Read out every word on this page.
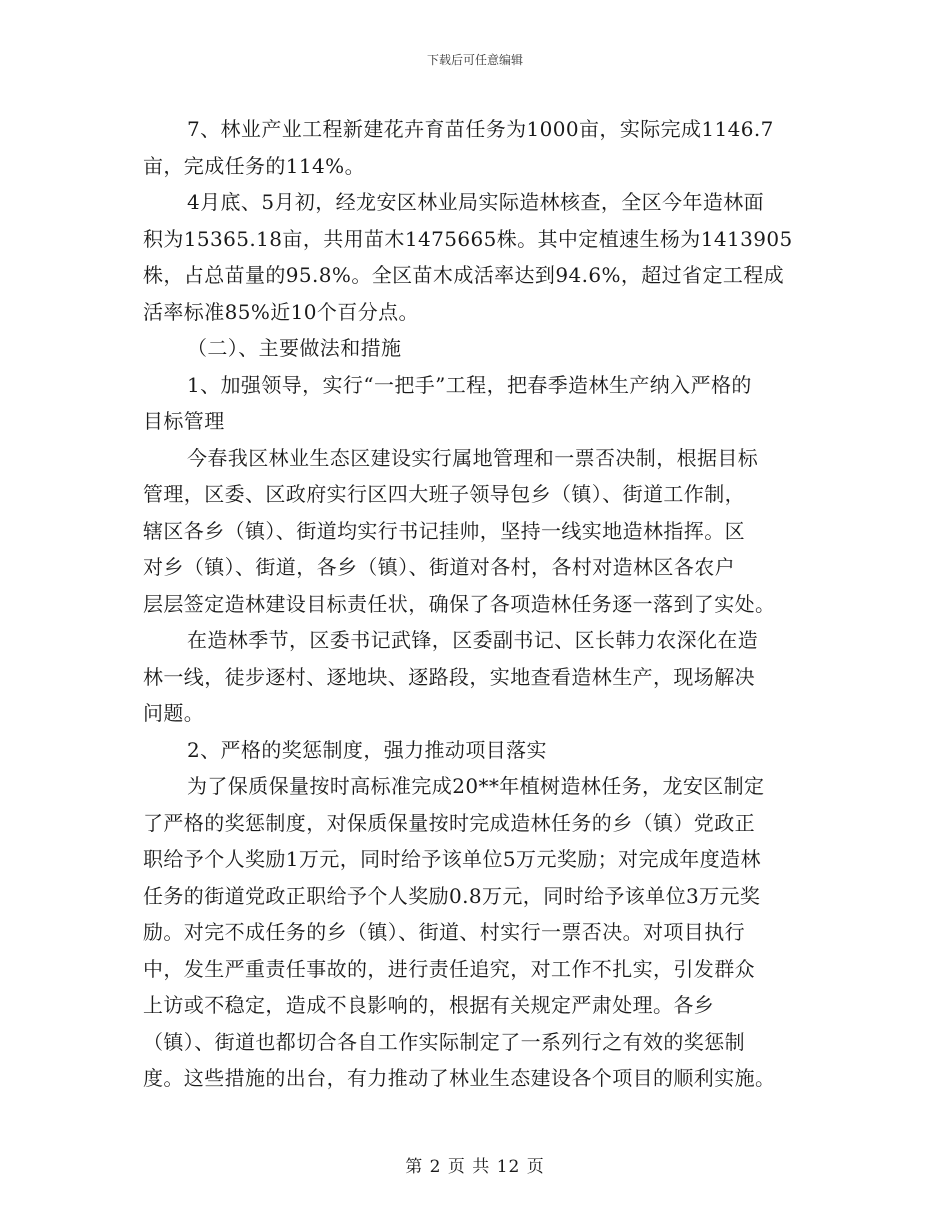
下载后可任意编辑

7、林业产业工程新建花卉育苗任务为1000亩，实际完成1146.7
亩，完成任务的114%。

4月底、5月初，经龙安区林业局实际造林核查，全区今年造林面
积为15365.18亩，共用苗木1475665株。其中定植速生杨为1413905
株，占总苗量的95.8%。全区苗木成活率达到94.6%，超过省定工程成
活率标准85%近10个百分点。

（二）、主要做法和措施

1、加强领导，实行“一把手”工程，把春季造林生产纳入严格的
目标管理

今春我区林业生态区建设实行属地管理和一票否决制，根据目标
管理，区委、区政府实行区四大班子领导包乡（镇）、街道工作制，
辖区各乡（镇）、街道均实行书记挂帅，坚持一线实地造林指挥。区
对乡（镇）、街道，各乡（镇）、街道对各村，各村对造林区各农户
层层签定造林建设目标责任状，确保了各项造林任务逐一落到了实处。

在造林季节，区委书记武锋，区委副书记、区长韩力农深化在造
林一线，徒步逐村、逐地块、逐路段，实地查看造林生产，现场解决
问题。

2、严格的奖惩制度，强力推动项目落实

为了保质保量按时高标准完成20**年植树造林任务，龙安区制定
了严格的奖惩制度，对保质保量按时完成造林任务的乡（镇）党政正
职给予个人奖励1万元，同时给予该单位5万元奖励；对完成年度造林
任务的街道党政正职给予个人奖励0.8万元，同时给予该单位3万元奖
励。对完不成任务的乡（镇）、街道、村实行一票否决。对项目执行
中，发生严重责任事故的，进行责任追究，对工作不扎实，引发群众
上访或不稳定，造成不良影响的，根据有关规定严肃处理。各乡
（镇）、街道也都切合各自工作实际制定了一系列行之有效的奖惩制
度。这些措施的出台，有力推动了林业生态建设各个项目的顺利实施。

第 2 页 共 12 页
